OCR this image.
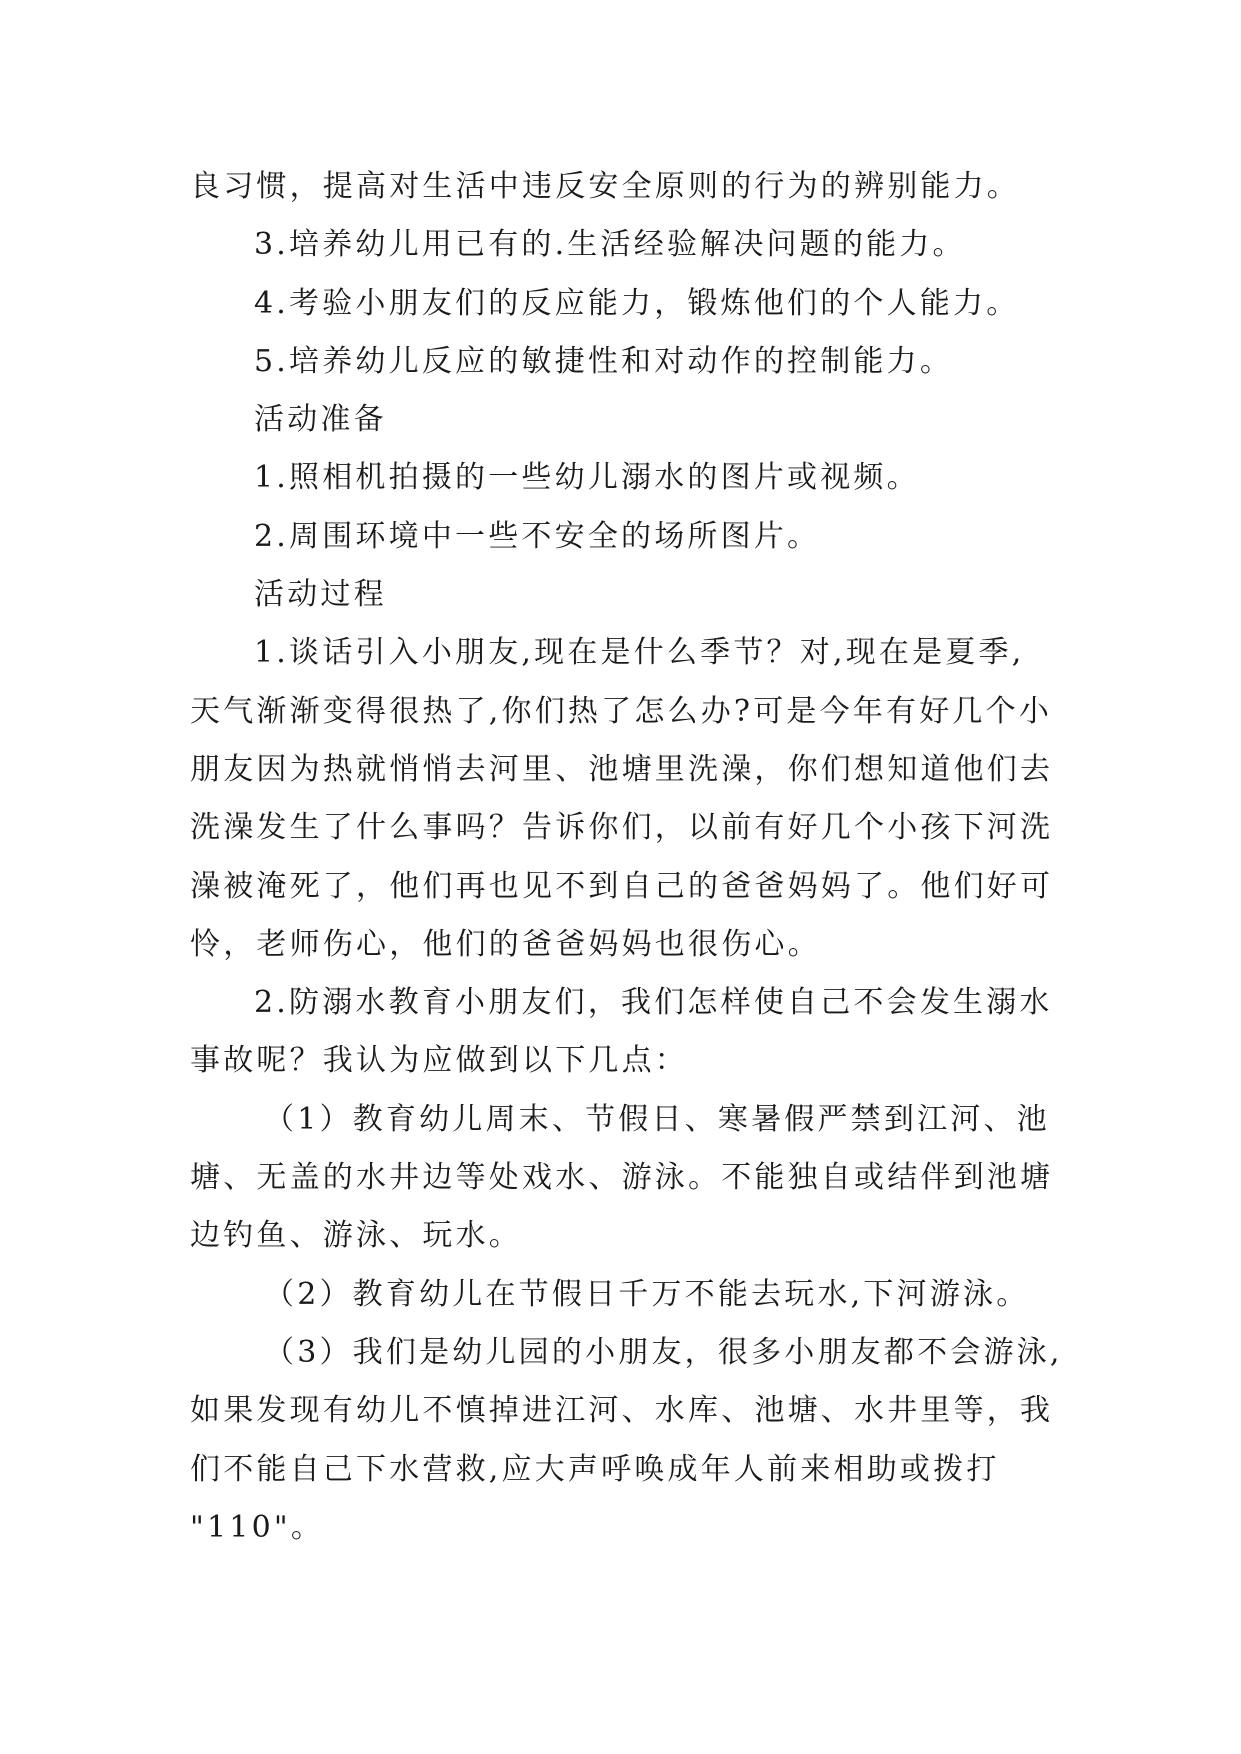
良习惯，提高对生活中违反安全原则的行为的辨别能力。

3.培养幼儿用已有的.生活经验解决问题的能力。

4.考验小朋友们的反应能力，锻炼他们的个人能力。

5.培养幼儿反应的敏捷性和对动作的控制能力。

活动准备

1.照相机拍摄的一些幼儿溺水的图片或视频。

2.周围环境中一些不安全的场所图片。

活动过程

1.谈话引入小朋友,现在是什么季节？对,现在是夏季,

天气渐渐变得很热了,你们热了怎么办?可是今年有好几个小

朋友因为热就悄悄去河里、池塘里洗澡，你们想知道他们去

洗澡发生了什么事吗？告诉你们，以前有好几个小孩下河洗

澡被淹死了，他们再也见不到自己的爸爸妈妈了。他们好可

怜，老师伤心，他们的爸爸妈妈也很伤心。

2.防溺水教育小朋友们，我们怎样使自己不会发生溺水

事故呢？我认为应做到以下几点：

（1）教育幼儿周末、节假日、寒暑假严禁到江河、池

塘、无盖的水井边等处戏水、游泳。不能独自或结伴到池塘

边钓鱼、游泳、玩水。

（2）教育幼儿在节假日千万不能去玩水,下河游泳。

（3）我们是幼儿园的小朋友，很多小朋友都不会游泳,

如果发现有幼儿不慎掉进江河、水库、池塘、水井里等，我

们不能自己下水营救,应大声呼唤成年人前来相助或拨打

"110"。
